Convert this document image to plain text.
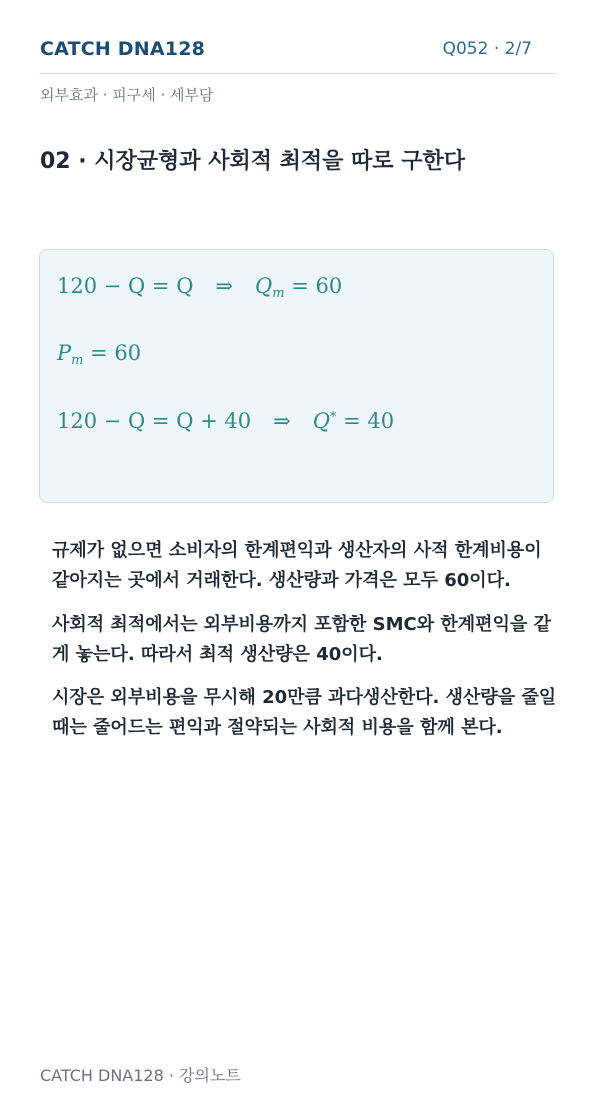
CATCH DNA128	Q052 · 2/7
외부효과 · 피구세 · 세부담
02 · 시장균형과 사회적 최적을 따로 구한다
120 − Q = Q ⇒ $Q_m = 60$
$P_m = 60$
120 − Q = Q + 40 ⇒ Q* = 40

규제가 없으면 소비자의 한계편익과 생산자의 사적 한계비용이 같아지는 곳에서 거래한다. 생산량과 가격은 모두 60이다.

사회적 최적에서는 외부비용까지 포함한 SMC와 한계편익을 같게 놓는다. 따라서 최적 생산량은 40이다.

시장은 외부비용을 무시해 20만큼 과다생산한다. 생산량을 줄일 때는 줄어드는 편익과 절약되는 사회적 비용을 함께 본다.

CATCH DNA128 · 강의노트
